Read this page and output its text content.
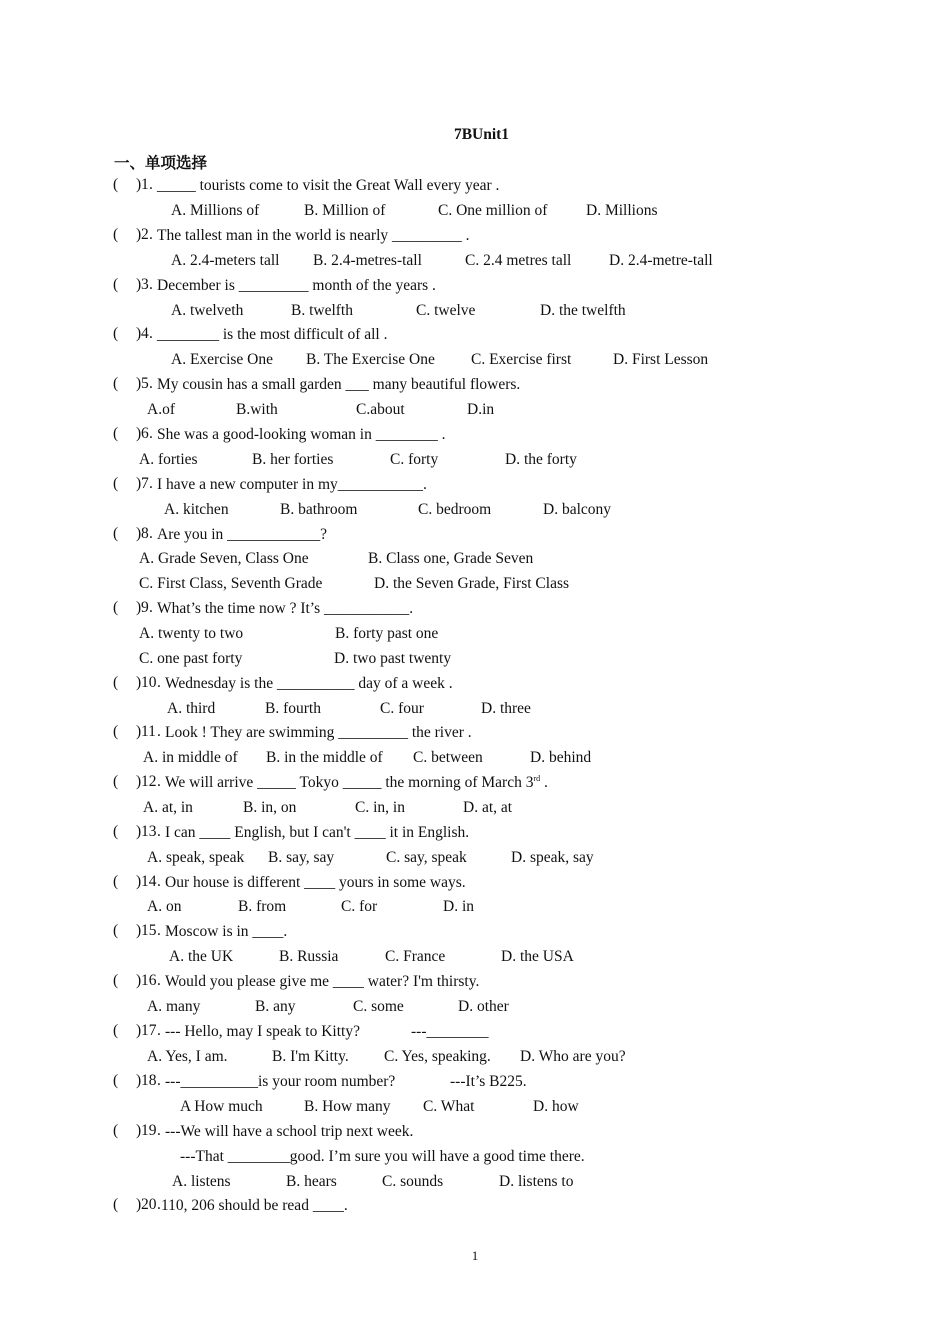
7BUnit1
一、单项选择
( ) 1 . _____ tourists come to visit the Great Wall every year .
A. Millions of	B. Million of	C. One million of D. Millions
( ) 2 . The tallest man in the world is nearly _________ .
A. 2.4-meters tall B. 2.4-metres-tall	C. 2.4 metres tall D. 2.4-metre-tall
( ) 3 . December is _________ month of the years .
A. twelveth	B. twelfth	C. twelve	D. the twelfth
( ) 4 . ________ is the most difficult of all .
A. Exercise One B. The Exercise One C. Exercise first	D. First Lesson
( ) 5 . My cousin has a small garden ___ many beautiful flowers.
A.of	B.with	C.about	D.in
( ) 6 . She was a good-looking woman in ________ .
A. forties	B. her forties	C. forty	D. the forty
( ) 7 . I have a new computer in my___________.
A. kitchen	B. bathroom	C. bedroom	D. balcony
( ) 8 . Are you in ____________?
A. Grade Seven, Class One	B. Class one, Grade Seven
C. First Class, Seventh Grade	D. the Seven Grade, First Class
( ) 9 . What’s the time now ? It’s ___________.
A. twenty to two	B. forty past one
C. one past forty	D. two past twenty
( ) 10 . Wednesday is the __________ day of a week .
A. third	B. fourth	C. four	D. three
( ) 11 . Look ! They are swimming _________ the river .
A. in middle of B. in the middle of C. between	D. behind
( ) 12 . We will arrive _____ Tokyo _____ the morning of March 3rd .
A. at, in	B. in, on	C. in, in	D. at, at
( ) 13 . I can ____ English, but I can't ____ it in English.
A. speak, speak B. say, say	C. say, speak	D. speak, say
( ) 14 . Our house is different ____ yours in some ways.
A. on	B. from	C. for	D. in
( ) 15 . Moscow is in ____.
A. the UK	B. Russia	C. France	D. the USA
( ) 16 . Would you please give me ____ water? I'm thirsty.
A. many	B. any	C. some	D. other
( ) 17 . --- Hello, may I speak to Kitty?	---________
A. Yes, I am.	B. I'm Kitty. C. Yes, speaking. D. Who are you?
( ) 18 . ---__________is your room number?	---It’s B225.
A How much	B. How many C. What	D. how
( ) 19 . ---We will have a school trip next week.
---That ________good. I’m sure you will have a good time there.
A. listens	B. hears	C. sounds	D. listens to
( ) 20 . 110, 206 should be read ____.
1
